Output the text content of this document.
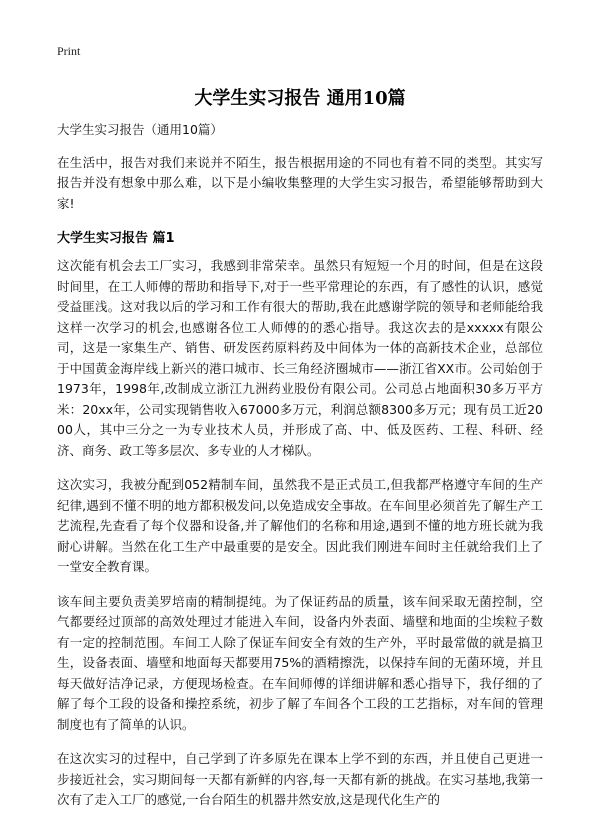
Print
大学生实习报告 通用10篇

大学生实习报告（通用10篇）

在生活中，报告对我们来说并不陌生，报告根据用途的不同也有着不同的类型。其实写报告并没有想象中那么难，以下是小编收集整理的大学生实习报告，希望能够帮助到大家!

大学生实习报告 篇1

这次能有机会去工厂实习，我感到非常荣幸。虽然只有短短一个月的时间，但是在这段时间里，在工人师傅的帮助和指导下,对于一些平常理论的东西，有了感性的认识，感觉受益匪浅。这对我以后的学习和工作有很大的帮助,我在此感谢学院的领导和老师能给我这样一次学习的机会,也感谢各位工人师傅的的悉心指导。我这次去的是xxxxx有限公司，这是一家集生产、销售、研发医药原料药及中间体为一体的高新技术企业，总部位于中国黄金海岸线上新兴的港口城市、长三角经济圈城市——浙江省XX市。公司始创于1973年，1998年,改制成立浙江九洲药业股份有限公司。公司总占地面积30多万平方米：20xx年，公司实现销售收入67000多万元，利润总额8300多万元；现有员工近2000人，其中三分之一为专业技术人员，并形成了高、中、低及医药、工程、科研、经济、商务、政工等多层次、多专业的人才梯队。

这次实习，我被分配到052精制车间，虽然我不是正式员工,但我都严格遵守车间的生产纪律,遇到不懂不明的地方都积极发问,以免造成安全事故。在车间里必须首先了解生产工艺流程,先查看了每个仪器和设备,并了解他们的名称和用途,遇到不懂的地方班长就为我耐心讲解。当然在化工生产中最重要的是安全。因此我们刚进车间时主任就给我们上了一堂安全教育课。

该车间主要负责美罗培南的精制提纯。为了保证药品的质量，该车间采取无菌控制，空气都要经过顶部的高效处理过才能进入车间，设备内外表面、墙壁和地面的尘埃粒子数有一定的控制范围。车间工人除了保证车间安全有效的生产外，平时最常做的就是搞卫生，设备表面、墙壁和地面每天都要用75%的酒精擦洗，以保持车间的无菌环境，并且每天做好洁净记录，方便现场检查。在车间师傅的详细讲解和悉心指导下，我仔细的了解了每个工段的设备和操控系统，初步了解了车间各个工段的工艺指标，对车间的管理制度也有了简单的认识。

在这次实习的过程中，自己学到了许多原先在课本上学不到的东西，并且使自己更进一步接近社会，实习期间每一天都有新鲜的内容,每一天都有新的挑战。在实习基地,我第一次有了走入工厂的感觉,一台台陌生的机器井然安放,这是现代化生产的
